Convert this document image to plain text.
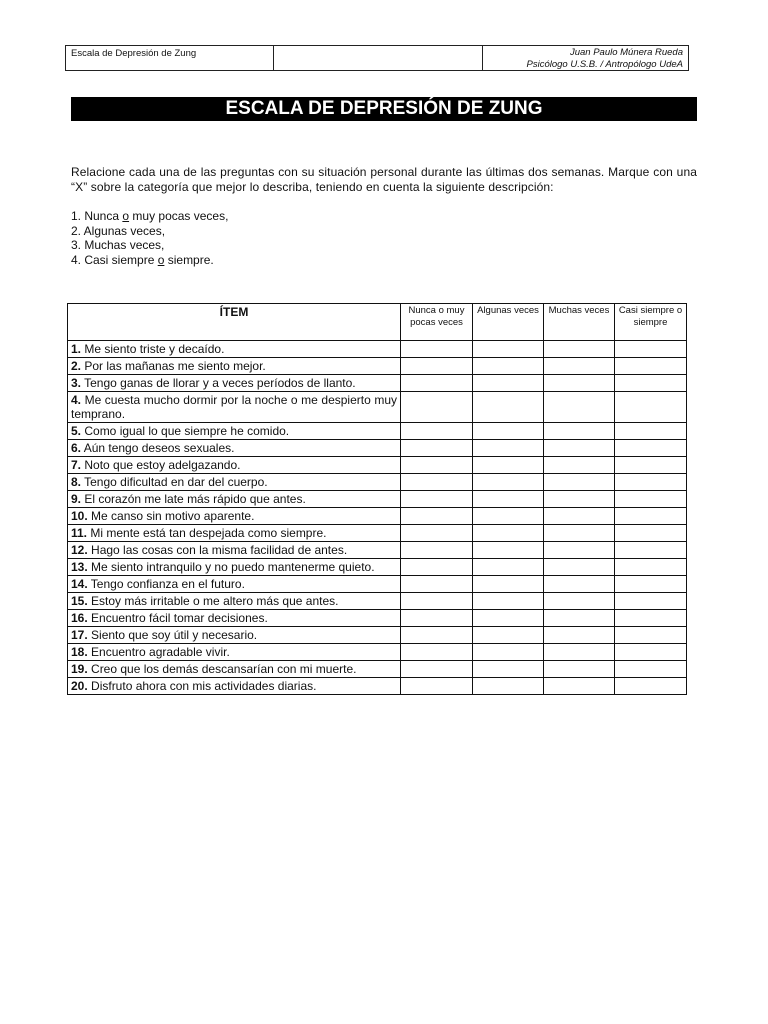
Escala de Depresión de Zung	Juan Paulo Múnera Rueda
Psicólogo U.S.B. / Antropólogo UdeA
ESCALA DE DEPRESIÓN DE ZUNG
Relacione cada una de las preguntas con su situación personal durante las últimas dos semanas. Marque con una “X” sobre la categoría que mejor lo describa, teniendo en cuenta la siguiente descripción:
1. Nunca o muy pocas veces,
2. Algunas veces,
3. Muchas veces,
4. Casi siempre o siempre.
ÍTEM	Nunca o muy pocas veces	Algunas veces	Muchas veces	Casi siempre o siempre
1. Me siento triste y decaído.				
2. Por las mañanas me siento mejor.				
3. Tengo ganas de llorar y a veces períodos de llanto.				
4. Me cuesta mucho dormir por la noche o me despierto muy temprano.				
5. Como igual lo que siempre he comido.				
6. Aún tengo deseos sexuales.				
7. Noto que estoy adelgazando.				
8. Tengo dificultad en dar del cuerpo.				
9. El corazón me late más rápido que antes.				
10. Me canso sin motivo aparente.				
11. Mi mente está tan despejada como siempre.				
12. Hago las cosas con la misma facilidad de antes.				
13. Me siento intranquilo y no puedo mantenerme quieto.				
14. Tengo confianza en el futuro.				
15. Estoy más irritable o me altero más que antes.				
16. Encuentro fácil tomar decisiones.				
17. Siento que soy útil y necesario.				
18. Encuentro agradable vivir.				
19. Creo que los demás descansarían con mi muerte.				
20. Disfruto ahora con mis actividades diarias.				
